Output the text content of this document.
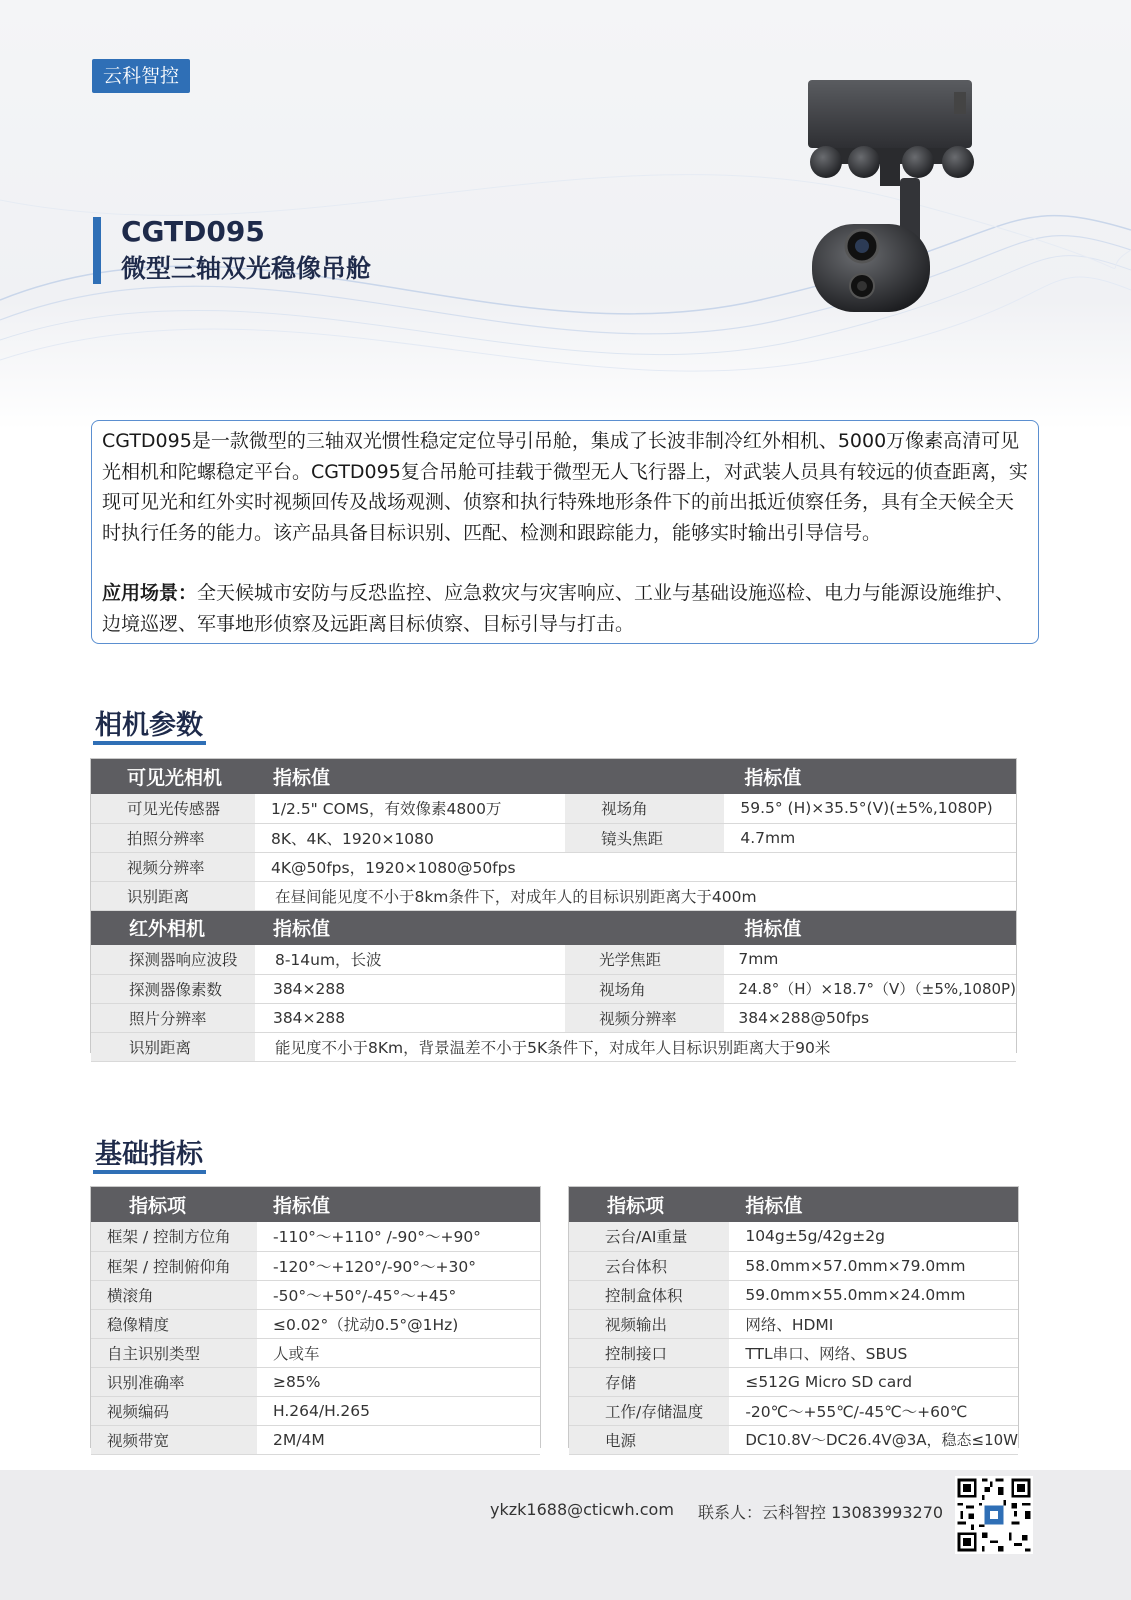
云科智控
CGTD095
微型三轴双光稳像吊舱

CGTD095是一款微型的三轴双光惯性稳定定位导引吊舱，集成了长波非制冷红外相机、5000万像素高清可见光相机和陀螺稳定平台。CGTD095复合吊舱可挂载于微型无人飞行器上，对武装人员具有较远的侦查距离，实现可见光和红外实时视频回传及战场观测、侦察和执行特殊地形条件下的前出抵近侦察任务，具有全天候全天时执行任务的能力。该产品具备目标识别、匹配、检测和跟踪能力，能够实时输出引导信号。

应用场景：全天候城市安防与反恐监控、应急救灾与灾害响应、工业与基础设施巡检、电力与能源设施维护、边境巡逻、军事地形侦察及远距离目标侦察、目标引导与打击。

相机参数
可见光相机	指标值		指标值
可见光传感器	1/2.5" COMS，有效像素4800万	视场角	59.5° (H)×35.5°(V)(±5%,1080P)
拍照分辨率	8K、4K、1920×1080	镜头焦距	4.7mm
视频分辨率	4K@50fps，1920×1080@50fps		
识别距离	在昼间能见度不小于8km条件下，对成年人的目标识别距离大于400m		
红外相机	指标值		指标值
探测器响应波段	8-14um，长波	光学焦距	7mm
探测器像素数	384×288	视场角	24.8°（H）×18.7°（V）（±5%,1080P)
照片分辨率	384×288	视频分辨率	384×288@50fps
识别距离	能见度不小于8Km，背景温差不小于5K条件下，对成年人目标识别距离大于90米		
基础指标
指标项	指标值
框架 / 控制方位角	-110°～+110° /-90°～+90°
框架 / 控制俯仰角	-120°～+120°/-90°～+30°
横滚角	-50°～+50°/-45°～+45°
稳像精度	≤0.02°（扰动0.5°@1Hz)
自主识别类型	人或车
识别准确率	≥85%
视频编码	H.264/H.265
视频带宽	2M/4M
指标项	指标值
云台/AI重量	104g±5g/42g±2g
云台体积	58.0mm×57.0mm×79.0mm
控制盒体积	59.0mm×55.0mm×24.0mm
视频输出	网络、HDMI
控制接口	TTL串口、网络、SBUS
存储	≤512G Micro SD card
工作/存储温度	-20℃～+55℃/-45℃～+60℃
电源	DC10.8V～DC26.4V@3A，稳态≤10W
ykzk1688@cticwh.com 联系人：云科智控 13083993270
